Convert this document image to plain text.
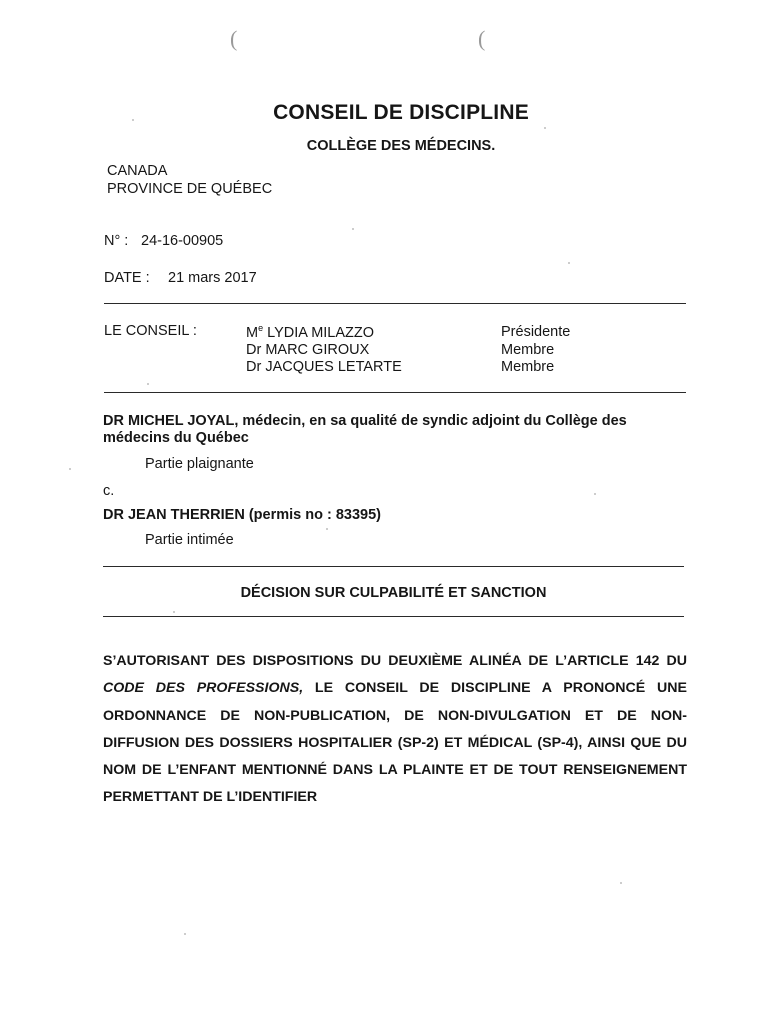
(	(
CONSEIL DE DISCIPLINE
COLLÈGE DES MÉDECINS.
CANADA
PROVINCE DE QUÉBEC
N° : 24-16-00905
DATE : 21 mars 2017
LE CONSEIL :	Me LYDIA MILAZZO	Présidente
Dr MARC GIROUX	Membre
Dr JACQUES LETARTE	Membre
DR MICHEL JOYAL, médecin, en sa qualité de syndic adjoint du Collège des
médecins du Québec
Partie plaignante
c.
DR JEAN THERRIEN (permis no : 83395)
Partie intimée
DÉCISION SUR CULPABILITÉ ET SANCTION
S’AUTORISANT DES DISPOSITIONS DU DEUXIÈME ALINÉA DE L’ARTICLE 142 DU CODE DES PROFESSIONS, LE CONSEIL DE DISCIPLINE A PRONONCÉ UNE ORDONNANCE DE NON-PUBLICATION, DE NON-DIVULGATION ET DE NON-DIFFUSION DES DOSSIERS HOSPITALIER (SP-2) ET MÉDICAL (SP-4), AINSI QUE DU NOM DE L’ENFANT MENTIONNÉ DANS LA PLAINTE ET DE TOUT RENSEIGNEMENT PERMETTANT DE L’IDENTIFIER
